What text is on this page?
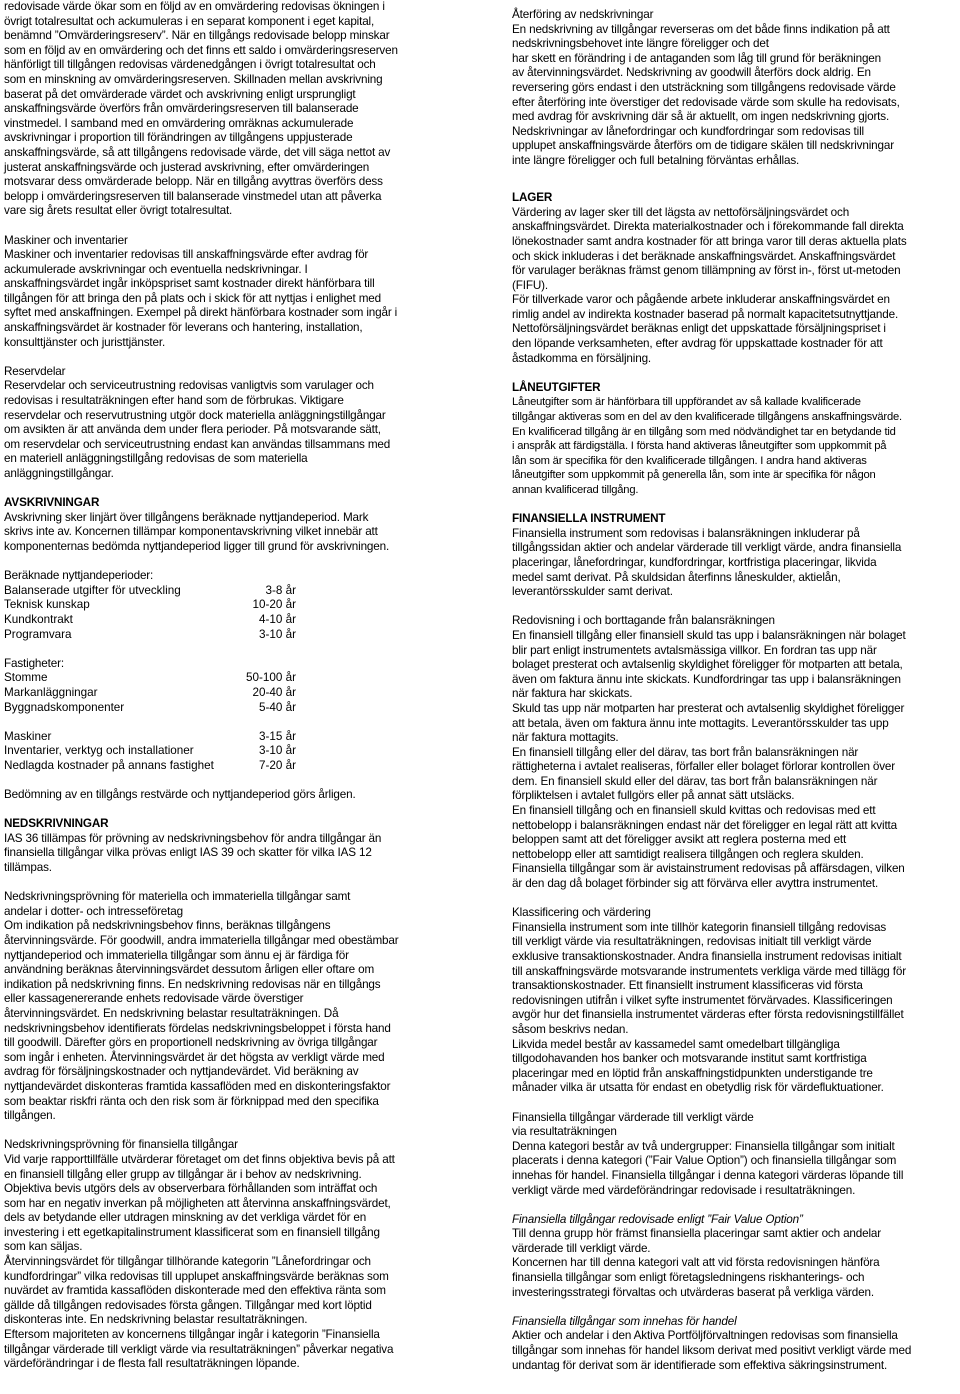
redovisade värde ökar som en följd av en omvärdering redovisas ökningen i
övrigt totalresultat och ackumuleras i en separat komponent i eget kapital,
benämnd ”Omvärderingsreserv”. När en tillgångs redovisade belopp minskar
som en följd av en omvärdering och det finns ett saldo i omvärderingsreserven
hänförligt till tillgången redovisas värdenedgången i övrigt totalresultat och
som en minskning av omvärderingsreserven. Skillnaden mellan avskrivning
baserat på det omvärderade värdet och avskrivning enligt ursprungligt
anskaffningsvärde överförs från omvärderingsreserven till balanserade
vinstmedel. I samband med en omvärdering omräknas ackumulerade
avskrivningar i proportion till förändringen av tillgångens uppjusterade
anskaffningsvärde, så att tillgångens redovisade värde, det vill säga nettot av
justerat anskaffningsvärde och justerad avskrivning, efter omvärderingen
motsvarar dess omvärderade belopp. När en tillgång avyttras överförs dess
belopp i omvärderingsreserven till balanserade vinstmedel utan att påverka
vare sig årets resultat eller övrigt totalresultat.
Maskiner och inventarier
Maskiner och inventarier redovisas till anskaffningsvärde efter avdrag för
ackumulerade avskrivningar och eventuella nedskrivningar. I
anskaffningsvärdet ingår inköpspriset samt kostnader direkt hänförbara till
tillgången för att bringa den på plats och i skick för att nyttjas i enlighet med
syftet med anskaffningen. Exempel på direkt hänförbara kostnader som ingår i
anskaffningsvärdet är kostnader för leverans och hantering, installation,
konsulttjänster och juristtjänster.
Reservdelar
Reservdelar och serviceutrustning redovisas vanligtvis som varulager och
redovisas i resultaträkningen efter hand som de förbrukas. Viktigare
reservdelar och reservutrustning utgör dock materiella anläggningstillgångar
om avsikten är att använda dem under flera perioder. På motsvarande sätt,
om reservdelar och serviceutrustning endast kan användas tillsammans med
en materiell anläggningstillgång redovisas de som materiella
anläggningstillgångar.
AVSKRIVNINGAR
Avskrivning sker linjärt över tillgångens beräknade nyttjandeperiod. Mark
skrivs inte av. Koncernen tillämpar komponentavskrivning vilket innebär att
komponenternas bedömda nyttjandeperiod ligger till grund för avskrivningen.
Beräknade nyttjandeperioder:
Balanserade utgifter för utveckling	3-8 år
Teknisk kunskap	10-20 år
Kundkontrakt	4-10 år
Programvara	3-10 år
Fastigheter:
Stomme	50-100 år
Markanläggningar	20-40 år
Byggnadskomponenter	5-40 år
Maskiner	3-15 år
Inventarier, verktyg och installationer	3-10 år
Nedlagda kostnader på annans fastighet	7-20 år
Bedömning av en tillgångs restvärde och nyttjandeperiod görs årligen.
NEDSKRIVNINGAR
IAS 36 tillämpas för prövning av nedskrivningsbehov för andra tillgångar än
finansiella tillgångar vilka prövas enligt IAS 39 och skatter för vilka IAS 12
tillämpas.
Nedskrivningsprövning för materiella och immateriella tillgångar samt
andelar i dotter- och intresseföretag
Om indikation på nedskrivningsbehov finns, beräknas tillgångens
återvinningsvärde. För goodwill, andra immateriella tillgångar med obestämbar
nyttjandeperiod och immateriella tillgångar som ännu ej är färdiga för
användning beräknas återvinningsvärdet dessutom årligen eller oftare om
indikation på nedskrivning finns. En nedskrivning redovisas när en tillgångs
eller kassagenererande enhets redovisade värde överstiger
återvinningsvärdet. En nedskrivning belastar resultaträkningen. Då
nedskrivningsbehov identifierats fördelas nedskrivningsbeloppet i första hand
till goodwill. Därefter görs en proportionell nedskrivning av övriga tillgångar
som ingår i enheten. Återvinningsvärdet är det högsta av verkligt värde med
avdrag för försäljningskostnader och nyttjandevärdet. Vid beräkning av
nyttjandevärdet diskonteras framtida kassaflöden med en diskonteringsfaktor
som beaktar riskfri ränta och den risk som är förknippad med den specifika
tillgången.
Nedskrivningsprövning för finansiella tillgångar
Vid varje rapporttillfälle utvärderar företaget om det finns objektiva bevis på att
en finansiell tillgång eller grupp av tillgångar är i behov av nedskrivning.
Objektiva bevis utgörs dels av observerbara förhållanden som inträffat och
som har en negativ inverkan på möjligheten att återvinna anskaffningsvärdet,
dels av betydande eller utdragen minskning av det verkliga värdet för en
investering i ett egetkapitalinstrument klassificerat som en finansiell tillgång
som kan säljas.
Återvinningsvärdet för tillgångar tillhörande kategorin ”Lånefordringar och
kundfordringar” vilka redovisas till upplupet anskaffningsvärde beräknas som
nuvärdet av framtida kassaflöden diskonterade med den effektiva ränta som
gällde då tillgången redovisades första gången. Tillgångar med kort löptid
diskonteras inte. En nedskrivning belastar resultaträkningen.
Eftersom majoriteten av koncernens tillgångar ingår i kategorin ”Finansiella
tillgångar värderade till verkligt värde via resultaträkningen” påverkar negativa
värdeförändringar i de flesta fall resultaträkningen löpande.
Återföring av nedskrivningar
En nedskrivning av tillgångar reverseras om det både finns indikation på att
nedskrivningsbehovet inte längre föreligger och det
har skett en förändring i de antaganden som låg till grund för beräkningen
av återvinningsvärdet. Nedskrivning av goodwill återförs dock aldrig. En
reversering görs endast i den utsträckning som tillgångens redovisade värde
efter återföring inte överstiger det redovisade värde som skulle ha redovisats,
med avdrag för avskrivning där så är aktuellt, om ingen nedskrivning gjorts.
Nedskrivningar av lånefordringar och kundfordringar som redovisas till
upplupet anskaffningsvärde återförs om de tidigare skälen till nedskrivningar
inte längre föreligger och full betalning förväntas erhållas.
LAGER
Värdering av lager sker till det lägsta av nettoförsäljningsvärdet och
anskaffningsvärdet. Direkta materialkostnader och i förekommande fall direkta
lönekostnader samt andra kostnader för att bringa varor till deras aktuella plats
och skick inkluderas i det beräknade anskaffningsvärdet. Anskaffningsvärdet
för varulager beräknas främst genom tillämpning av först in-, först ut-metoden
(FIFU).
För tillverkade varor och pågående arbete inkluderar anskaffningsvärdet en
rimlig andel av indirekta kostnader baserad på normalt kapacitetsutnyttjande.
Nettoförsäljningsvärdet beräknas enligt det uppskattade försäljningspriset i
den löpande verksamheten, efter avdrag för uppskattade kostnader för att
åstadkomma en försäljning.
LÅNEUTGIFTER
Låneutgifter som är hänförbara till uppförandet av så kallade kvalificerade
tillgångar aktiveras som en del av den kvalificerade tillgångens anskaffningsvärde.
En kvalificerad tillgång är en tillgång som med nödvändighet tar en betydande tid
i anspråk att färdigställa. I första hand aktiveras låneutgifter som uppkommit på
lån som är specifika för den kvalificerade tillgången. I andra hand aktiveras
låneutgifter som uppkommit på generella lån, som inte är specifika för någon
annan kvalificerad tillgång.
FINANSIELLA INSTRUMENT
Finansiella instrument som redovisas i balansräkningen inkluderar på
tillgångssidan aktier och andelar värderade till verkligt värde, andra finansiella
placeringar, lånefordringar, kundfordringar, kortfristiga placeringar, likvida
medel samt derivat. På skuldsidan återfinns låneskulder, aktielån,
leverantörsskulder samt derivat.
Redovisning i och borttagande från balansräkningen
En finansiell tillgång eller finansiell skuld tas upp i balansräkningen när bolaget
blir part enligt instrumentets avtalsmässiga villkor. En fordran tas upp när
bolaget presterat och avtalsenlig skyldighet föreligger för motparten att betala,
även om faktura ännu inte skickats. Kundfordringar tas upp i balansräkningen
när faktura har skickats.
Skuld tas upp när motparten har presterat och avtalsenlig skyldighet föreligger
att betala, även om faktura ännu inte mottagits. Leverantörsskulder tas upp
när faktura mottagits.
En finansiell tillgång eller del därav, tas bort från balansräkningen när
rättigheterna i avtalet realiseras, förfaller eller bolaget förlorar kontrollen över
dem. En finansiell skuld eller del därav, tas bort från balansräkningen när
förpliktelsen i avtalet fullgörs eller på annat sätt utsläcks.
En finansiell tillgång och en finansiell skuld kvittas och redovisas med ett
nettobelopp i balansräkningen endast när det föreligger en legal rätt att kvitta
beloppen samt att det föreligger avsikt att reglera posterna med ett
nettobelopp eller att samtidigt realisera tillgången och reglera skulden.
Finansiella tillgångar som är avistainstrument redovisas på affärsdagen, vilken
är den dag då bolaget förbinder sig att förvärva eller avyttra instrumentet.
Klassificering och värdering
Finansiella instrument som inte tillhör kategorin finansiell tillgång redovisas
till verkligt värde via resultaträkningen, redovisas initialt till verkligt värde
exklusive transaktionskostnader. Andra finansiella instrument redovisas initialt
till anskaffningsvärde motsvarande instrumentets verkliga värde med tillägg för
transaktionskostnader. Ett finansiellt instrument klassificeras vid första
redovisningen utifrån i vilket syfte instrumentet förvärvades. Klassificeringen
avgör hur det finansiella instrumentet värderas efter första redovisningstillfället
såsom beskrivs nedan.
Likvida medel består av kassamedel samt omedelbart tillgängliga
tillgodohavanden hos banker och motsvarande institut samt kortfristiga
placeringar med en löptid från anskaffningstidpunkten understigande tre
månader vilka är utsatta för endast en obetydlig risk för värdefluktuationer.
Finansiella tillgångar värderade till verkligt värde
via resultaträkningen
Denna kategori består av två undergrupper: Finansiella tillgångar som initialt
placerats i denna kategori (”Fair Value Option”) och finansiella tillgångar som
innehas för handel. Finansiella tillgångar i denna kategori värderas löpande till
verkligt värde med värdeförändringar redovisade i resultaträkningen.
Finansiella tillgångar redovisade enligt ”Fair Value Option”
Till denna grupp hör främst finansiella placeringar samt aktier och andelar
värderade till verkligt värde.
Koncernen har till denna kategori valt att vid första redovisningen hänföra
finansiella tillgångar som enligt företagsledningens riskhanterings- och
investeringsstrategi förvaltas och utvärderas baserat på verkliga värden.
Finansiella tillgångar som innehas för handel
Aktier och andelar i den Aktiva Portföljförvaltningen redovisas som finansiella
tillgångar som innehas för handel liksom derivat med positivt verkligt värde med
undantag för derivat som är identifierade som effektiva säkringsinstrument.
